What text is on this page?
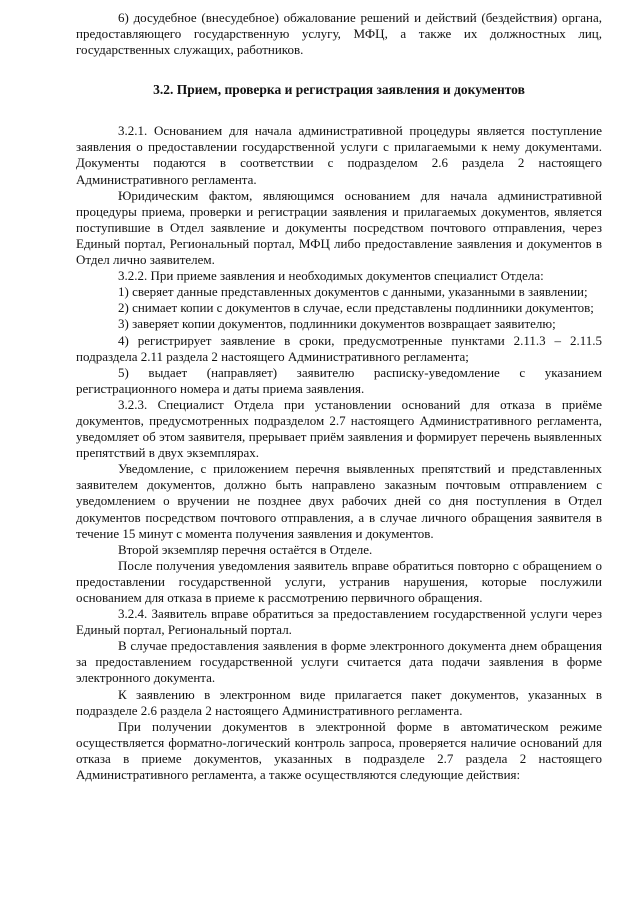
6) досудебное (внесудебное) обжалование решений и действий (бездействия) органа, предоставляющего государственную услугу, МФЦ, а также их должностных лиц, государственных служащих, работников.

3.2. Прием, проверка и регистрация заявления и документов

3.2.1. Основанием для начала административной процедуры является поступление заявления о предоставлении государственной услуги с прилагаемыми к нему документами. Документы подаются в соответствии с подразделом 2.6 раздела 2 настоящего Административного регламента.

Юридическим фактом, являющимся основанием для начала административной процедуры приема, проверки и регистрации заявления и прилагаемых документов, является поступившие в Отдел заявление и документы посредством почтового отправления, через Единый портал, Региональный портал, МФЦ либо предоставление заявления и документов в Отдел лично заявителем.

3.2.2. При приеме заявления и необходимых документов специалист Отдела:

1) сверяет данные представленных документов с данными, указанными в заявлении;

2) снимает копии с документов в случае, если представлены подлинники документов;

3) заверяет копии документов, подлинники документов возвращает заявителю;

4) регистрирует заявление в сроки, предусмотренные пунктами 2.11.3 – 2.11.5 подраздела 2.11 раздела 2 настоящего Административного регламента;

5) выдает (направляет) заявителю расписку-уведомление с указанием регистрационного номера и даты приема заявления.

3.2.3. Специалист Отдела при установлении оснований для отказа в приёме документов, предусмотренных подразделом 2.7 настоящего Административного регламента, уведомляет об этом заявителя, прерывает приём заявления и формирует перечень выявленных препятствий в двух экземплярах.

Уведомление, с приложением перечня выявленных препятствий и представленных заявителем документов, должно быть направлено заказным почтовым отправлением с уведомлением о вручении не позднее двух рабочих дней со дня поступления в Отдел документов посредством почтового отправления, а в случае личного обращения заявителя в течение 15 минут с момента получения заявления и документов.

Второй экземпляр перечня остаётся в Отделе.

После получения уведомления заявитель вправе обратиться повторно с обращением о предоставлении государственной услуги, устранив нарушения, которые послужили основанием для отказа в приеме к рассмотрению первичного обращения.

3.2.4. Заявитель вправе обратиться за предоставлением государственной услуги через Единый портал, Региональный портал.

В случае предоставления заявления в форме электронного документа днем обращения за предоставлением государственной услуги считается дата подачи заявления в форме электронного документа.

К заявлению в электронном виде прилагается пакет документов, указанных в подразделе 2.6 раздела 2 настоящего Административного регламента.

При получении документов в электронной форме в автоматическом режиме осуществляется форматно-логический контроль запроса, проверяется наличие оснований для отказа в приеме документов, указанных в подразделе 2.7 раздела 2 настоящего Административного регламента, а также осуществляются следующие действия:
